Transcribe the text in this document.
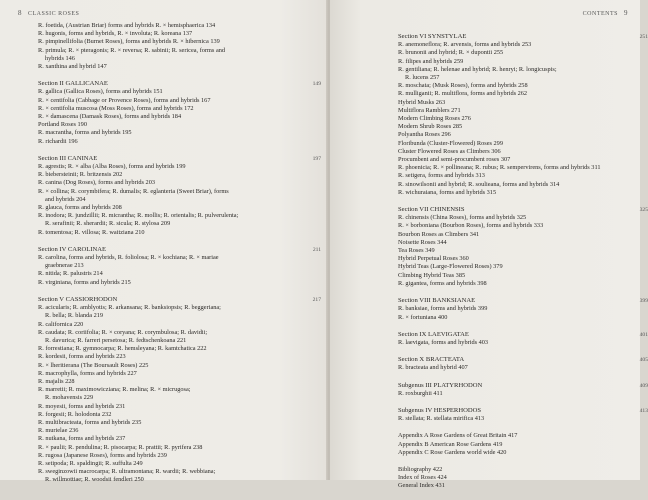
8 CLASSIC ROSES
R. foetida, (Austrian Briar) forms and hybrids R. × hemisphaerica 134
R. hugonis, forms and hybrids, R. × involuta; R. koreana 137
R. pimpinellifolia (Burnet Roses), forms and hybrids R. × hibernica 139
R. primula; R. × pteragonis; R. × reversa; R. sabinii; R. sericea, forms and
hybrids 146
R. xanthina and hybrid 147
Section II GALLICANAE	149
R. gallica (Gallica Roses), forms and hybrids 151
R. × centifolia (Cabbage or Provence Roses), forms and hybrids 167
R. × centifolia muscosa (Moss Roses), forms and hybrids 172
R. × damascena (Damask Roses), forms and hybrids 184
Portland Roses 190
R. macrantha, forms and hybrids 195
R. richardii 196
Section III CANINAE	197
R. agrestis; R. × alba (Alba Roses), forms and hybrids 199
R. biebersteinii; R. britzensis 202
R. canina (Dog Roses), forms and hybrids 203
R. × collina; R. corymbifera; R. dumalis; R. eglanteria (Sweet Briar), forms
and hybrids 204
R. glauca, forms and hybrids 208
R. inodora; R. jundzillii; R. micrantha; R. mollis; R. orientalis; R. pulverulenta;
R. serafinii; R. sherardii; R. sicula; R. stylosa 209
R. tomentosa; R. villosa; R. waitziana 210
Section IV CAROLINAE	211
R. carolina, forms and hybrids, R. foliolosa; R. × kochiana; R. × mariae
graebnerae 213
R. nitida; R. palustris 214
R. virginiana, forms and hybrids 215
Section V CASSIORHODON	217
R. acicularis; R. amblyotis; R. arkansana; R. banksiopsis; R. beggeriana;
R. bella; R. blanda 219
R. californica 220
R. caudata; R. coriifolia; R. × coryana; R. corymbulosa; R. davidii;
R. davurica; R. farreri persetosa; R. fedtschenkoana 221
R. forrestiana; R. gymnocarpa; R. hemsleyana; R. kamtchatica 222
R. kordesii, forms and hybrids 223
R. × lheritierana (The Boursault Roses) 225
R. macrophylla, forms and hybrids 227
R. majalis 228
R. marretii; R. maximowicziana; R. melina; R. × micrugosa;
R. mohavensis 229
R. moyesii, forms and hybrids 231
R. forgesii; R. holodonta 232
R. multibracteata, forms and hybrids 235
R. murielae 236
R. nutkana, forms and hybrids 237
R. × paulii; R. pendulina; R. pisocarpa; R. prattii; R. pyrifera 238
R. rugosa (Japanese Roses), forms and hybrids 239
R. setipoda; R. spaldingii; R. suffulta 249
R. sweginzowii macrocarpa; R. ultramontana; R. wardii; R. webbiana;
R. willmottiae; R. woodsii fendleri 250
CONTENTS 9
Section VI SYNSTYLAE	251
R. anemoneflora; R. arvensis, forms and hybrids 253
R. brunonii and hybrid; R. × dupontii 255
R. filipes and hybrids 259
R. gentiliana; R. helenae and hybrid; R. henryi; R. longicuspis;
R. lucens 257
R. moschata; (Musk Roses), forms and hybrids 258
R. mulliganii; R. multiflora, forms and hybrids 262
Hybrid Musks 263
Multiflora Ramblers 271
Modern Climbing Roses 276
Modern Shrub Roses 285
Polyantha Roses 296
Floribunda (Cluster-Flowered) Roses 299
Cluster Flowered Roses as Climbers 306
Procumbent and semi-procumbent roses 307
R. phoenicia; R. × pollineana; R. rubus; R. sempervirens, forms and hybrids 311
R. setigera, forms and hybrids 313
R. sinowilsonii and hybrid; R. soulieana, forms and hybrids 314
R. wichuraiana, forms and hybrids 315
Section VII CHINENSIS	325
R. chinensis (China Roses), forms and hybrids 325
R. × borboniana (Bourbon Roses), forms and hybrids 333
Bourbon Roses as Climbers 341
Noisette Roses 344
Tea Roses 349
Hybrid Perpetual Roses 360
Hybrid Teas (Large-Flowered Roses) 379
Climbing Hybrid Teas 385
R. gigantea, forms and hybrids 398
Section VIII BANKSIANAE	399
R. banksiae, forms and hybrids 399
R. × fortuniana 400
Section IX LAEVIGATAE	401
R. laevigata, forms and hybrids 403
Section X BRACTEATA	405
R. bracteata and hybrid 407
Subgenus III PLATYRHODON	409
R. roxburghii 411
Subgenus IV HESPERHODOS	413
R. stellata; R. stellata mirifica 413
Appendix A Rose Gardens of Great Britain 417
Appendix B American Rose Gardens 419
Appendix C Rose Gardens world wide 420
Bibliography 422
Index of Roses 424
General Index 431
